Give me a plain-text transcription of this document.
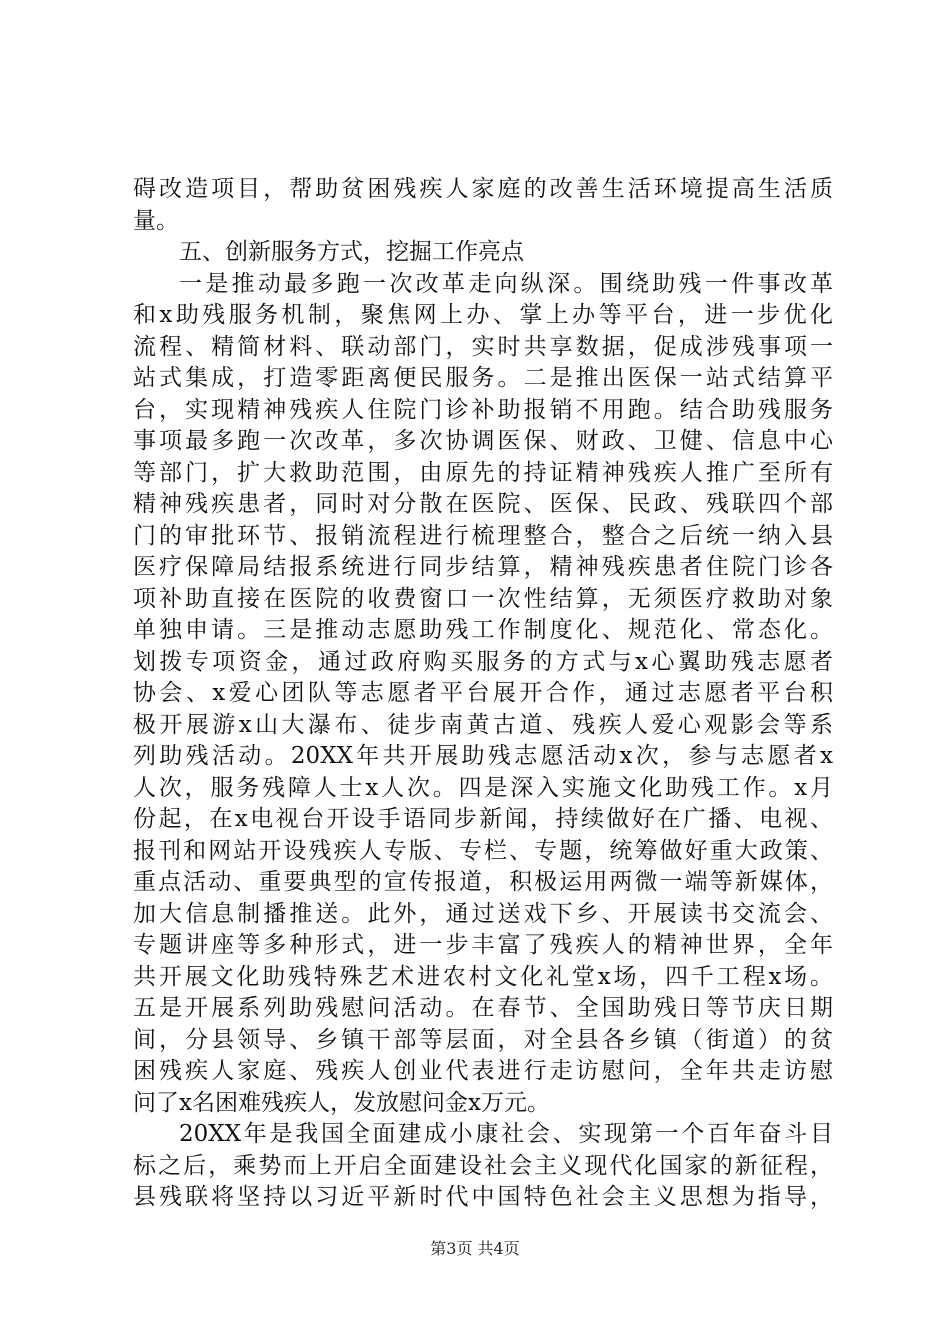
碍改造项目，帮助贫困残疾人家庭的改善生活环境提高生活质
量。
五、创新服务方式，挖掘工作亮点
一是推动最多跑一次改革走向纵深。围绕助残一件事改革
和x助残服务机制，聚焦网上办、掌上办等平台，进一步优化
流程、精简材料、联动部门，实时共享数据，促成涉残事项一
站式集成，打造零距离便民服务。二是推出医保一站式结算平
台，实现精神残疾人住院门诊补助报销不用跑。结合助残服务
事项最多跑一次改革，多次协调医保、财政、卫健、信息中心
等部门，扩大救助范围，由原先的持证精神残疾人推广至所有
精神残疾患者，同时对分散在医院、医保、民政、残联四个部
门的审批环节、报销流程进行梳理整合，整合之后统一纳入县
医疗保障局结报系统进行同步结算，精神残疾患者住院门诊各
项补助直接在医院的收费窗口一次性结算，无须医疗救助对象
单独申请。三是推动志愿助残工作制度化、规范化、常态化。
划拨专项资金，通过政府购买服务的方式与x心翼助残志愿者
协会、x爱心团队等志愿者平台展开合作，通过志愿者平台积
极开展游x山大瀑布、徒步南黄古道、残疾人爱心观影会等系
列助残活动。20XX年共开展助残志愿活动x次，参与志愿者x
人次，服务残障人士x人次。四是深入实施文化助残工作。x月
份起，在x电视台开设手语同步新闻，持续做好在广播、电视、
报刊和网站开设残疾人专版、专栏、专题，统筹做好重大政策、
重点活动、重要典型的宣传报道，积极运用两微一端等新媒体，
加大信息制播推送。此外，通过送戏下乡、开展读书交流会、
专题讲座等多种形式，进一步丰富了残疾人的精神世界，全年
共开展文化助残特殊艺术进农村文化礼堂x场，四千工程x场。
五是开展系列助残慰问活动。在春节、全国助残日等节庆日期
间，分县领导、乡镇干部等层面，对全县各乡镇（街道）的贫
困残疾人家庭、残疾人创业代表进行走访慰问，全年共走访慰
问了x名困难残疾人，发放慰问金x万元。
20XX年是我国全面建成小康社会、实现第一个百年奋斗目
标之后，乘势而上开启全面建设社会主义现代化国家的新征程，
县残联将坚持以习近平新时代中国特色社会主义思想为指导，
第3页 共4页
